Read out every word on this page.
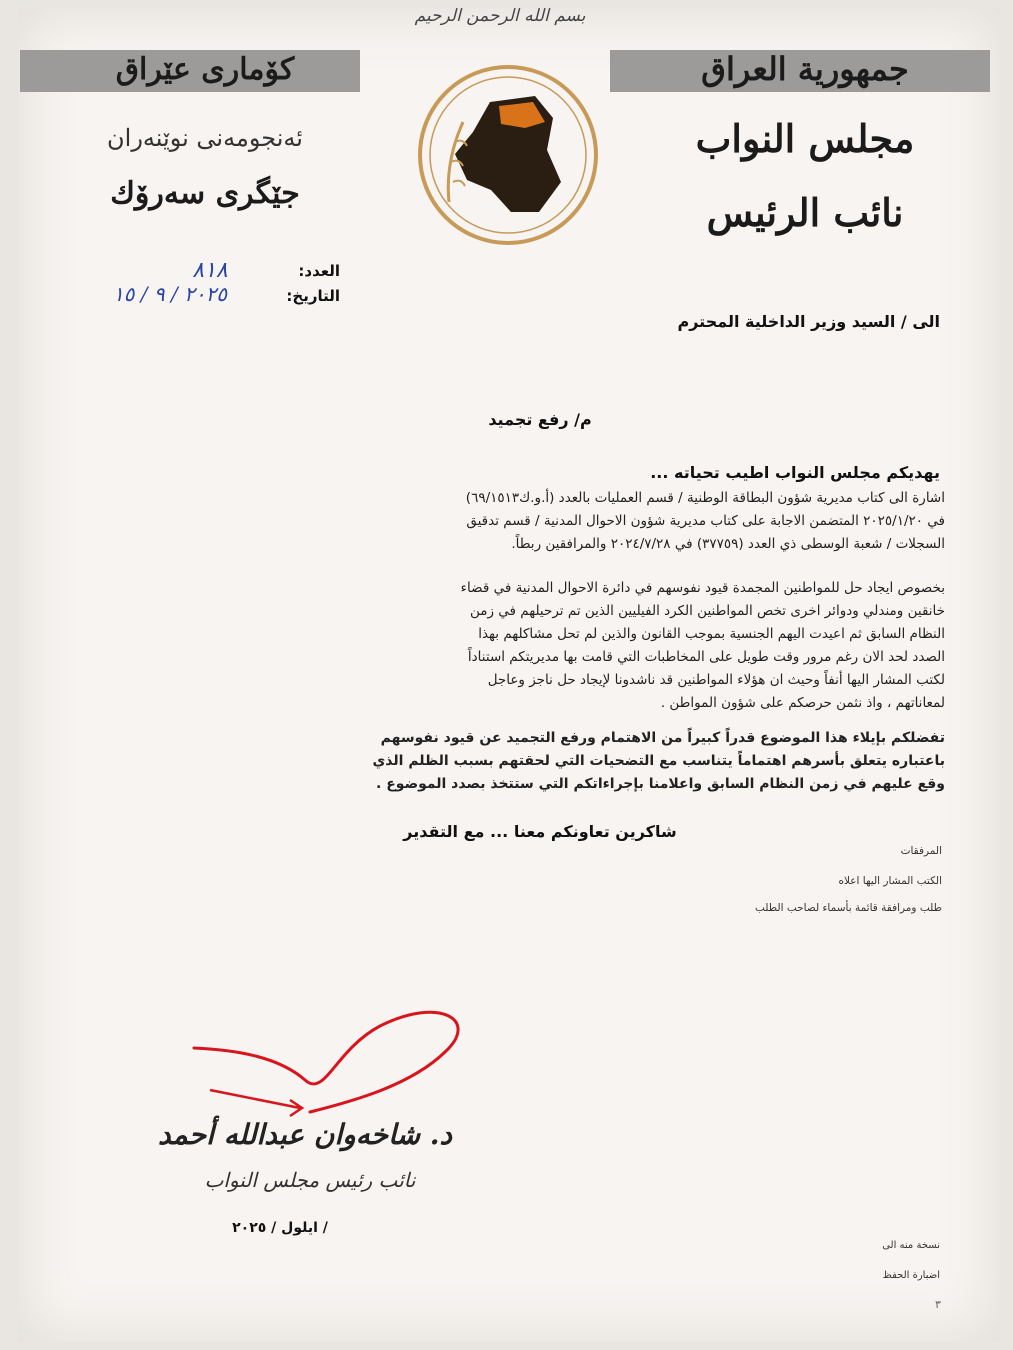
بسم الله الرحمن الرحيم
كۆماری عێراق
ئەنجومەنی نوێنەران
جێگری سەرۆك
جمهورية العراق
مجلس النواب
نائب الرئيس
العدد:
٨١٨
التاريخ:
٢٠٢٥ / ٩ / ١٥
الى / السيد وزير الداخلية المحترم
م/ رفع تجميد
يهديكم مجلس النواب اطيب تحياته ...
اشارة الى كتاب مديرية شؤون البطاقة الوطنية / قسم العمليات بالعدد (أ.و.ك٦٩/١٥١٣)
في ٢٠٢٥/١/٢٠ المتضمن الاجابة على كتاب مديرية شؤون الاحوال المدنية / قسم تدقيق
السجلات / شعبة الوسطى ذي العدد (٣٧٧٥٩) في ٢٠٢٤/٧/٢٨ والمرافقين ربطاً.
بخصوص ايجاد حل للمواطنين المجمدة قيود نفوسهم في دائرة الاحوال المدنية في قضاء
خانقين ومندلي ودوائر اخرى تخص المواطنين الكرد الفيليين الذين تم ترحيلهم في زمن
النظام السابق ثم اعيدت اليهم الجنسية بموجب القانون والذين لم تحل مشاكلهم بهذا
الصدد لحد الان رغم مرور وقت طويل على المخاطبات التي قامت بها مديريتكم استناداً
لكتب المشار اليها أنفاً وحيث ان هؤلاء المواطنين قد ناشدونا لإيجاد حل ناجز وعاجل
لمعاناتهم ، واذ نثمن حرصكم على شؤون المواطن .
تفضلكم بإيلاء هذا الموضوع قدراً كبيراً من الاهتمام ورفع التجميد عن قيود نفوسهم
باعتباره يتعلق بأسرهم اهتماماً يتناسب مع التضحيات التي لحقتهم بسبب الظلم الذي
وقع عليهم في زمن النظام السابق واعلامنا بإجراءاتكم التي ستتخذ بصدد الموضوع .
شاكرين تعاونكم معنا ... مع التقدير
المرفقات
الكتب المشار اليها اعلاه
طلب ومرافقة قائمة بأسماء لصاحب الطلب
د. شاخەوان عبدالله أحمد
نائب رئيس مجلس النواب
/ ايلول / ٢٠٢٥
نسخة منه الى
اضبارة الحفظ
٣
